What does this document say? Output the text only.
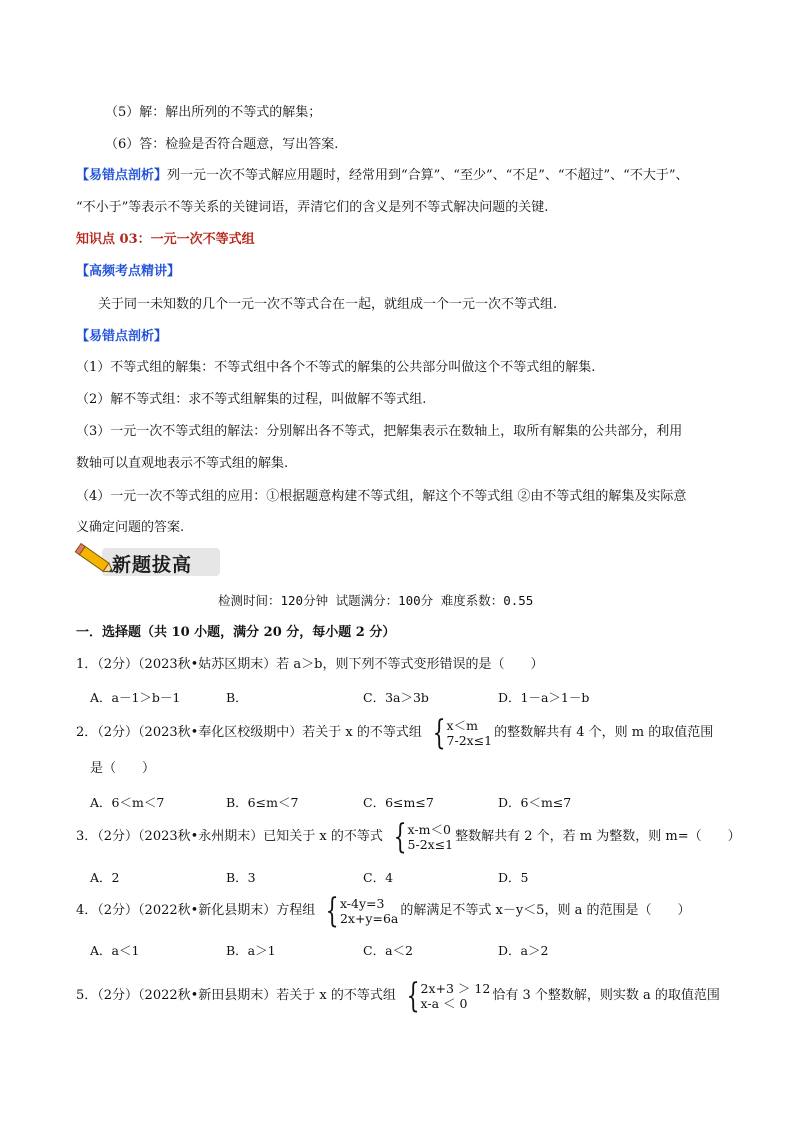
（5）解：解出所列的不等式的解集；
（6）答：检验是否符合题意，写出答案.
【易错点剖析】列一元一次不等式解应用题时，经常用到“合算”、“至少”、“不足”、“不超过”、“不大于”、
“不小于”等表示不等关系的关键词语，弄清它们的含义是列不等式解决问题的关键.
知识点 03：一元一次不等式组
【高频考点精讲】
关于同一未知数的几个一元一次不等式合在一起，就组成一个一元一次不等式组.
【易错点剖析】
（1）不等式组的解集：不等式组中各个不等式的解集的公共部分叫做这个不等式组的解集.
（2）解不等式组：求不等式组解集的过程，叫做解不等式组.
（3）一元一次不等式组的解法：分别解出各不等式，把解集表示在数轴上，取所有解集的公共部分，利用
数轴可以直观地表示不等式组的解集.
（4）一元一次不等式组的应用：①根据题意构建不等式组，解这个不等式组 ②由不等式组的解集及实际意
义确定问题的答案.
新题拔高
检测时间：120分钟 试题满分：100分 难度系数：0.55
一．选择题（共 10 小题，满分 20 分，每小题 2 分）
1．（2分）（2023秋•姑苏区期末）若 a＞b，则下列不等式变形错误的是（　　）
A．a－1＞b－1	B．	C．3a＞3b	D．1－a＞1－b
2．（2分）（2023秋•奉化区校级期中）若关于 x 的不等式组 { x＜m
7-2x≤1 的整数解共有 4 个，则 m 的取值范围
是（　　）
A．6＜m＜7	B．6≤m＜7	C．6≤m≤7	D．6＜m≤7
3．（2分）（2023秋•永州期末）已知关于 x 的不等式 { x-m＜0
5-2x≤1 整数解共有 2 个，若 m 为整数，则 m=（　　）
A．2	B．3	C．4	D．5
4．（2分）（2022秋•新化县期末）方程组 { x-4y=3
2x+y=6a 的解满足不等式 x－y＜5，则 a 的范围是（　　）
A．a＜1	B．a＞1	C．a＜2	D．a＞2
5．（2分）（2022秋•新田县期末）若关于 x 的不等式组 { 2x+3 ＞ 12
x-a ＜ 0	恰有 3 个整数解，则实数 a 的取值范围
